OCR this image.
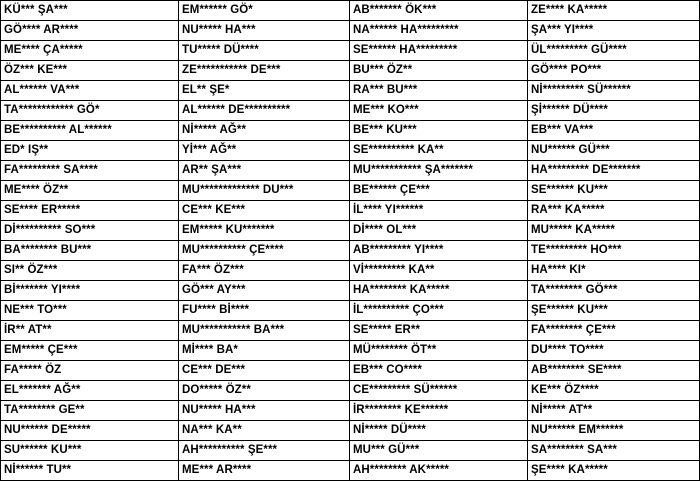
KÜ*** ŞA***	EM****** GÖ*	AB******* ÖK***	ZE**** KA*****
GÖ**** AR****	NU***** HA***	NA****** HA*********	ŞA*** YI****
ME**** ÇA*****	TU***** DÜ****	SE****** HA*********	ÜL********* GÜ****
ÖZ*** KE***	ZE*********** DE***	BU*** ÖZ**	GÖ**** PO***
AL****** VA***	EL** ŞE*	RA*** BU***	Nİ********* SÜ******
TA************ GÖ*	AL****** DE**********	ME*** KO***	Şİ****** DÜ****
BE********** AL******	Nİ***** AĞ**	BE*** KU***	EB*** VA***
ED* IŞ**	Yİ*** AĞ**	SE********** KA**	NU****** GÜ***
FA********* SA****	AR** ŞA***	MU*********** ŞA*******	HA********* DE*******
ME**** ÖZ**	MU************* DU***	BE****** ÇE***	SE****** KU***
SE**** ER*****	CE*** KE***	İL**** YI******	RA*** KA*****
Dİ********** SO***	EM***** KU*******	Dİ**** OL***	MU***** KA*****
BA******** BU***	MU********** ÇE****	AB********* YI****	TE********* HO***
SI** ÖZ***	FA*** ÖZ***	Vİ********* KA**	HA**** KI*
Bİ******* YI****	GÖ*** AY***	HA******** KA*****	TA******** GÖ***
NE*** TO***	FU**** Bİ****	İL********** ÇO***	ŞE****** KU***
İR** AT**	MU*********** BA***	SE***** ER**	FA******** ÇE***
EM***** ÇE***	Mİ**** BA*	MÜ******** ÖT**	DU**** TO****
FA***** ÖZ	CE*** DE***	EB*** CO****	AB******** SE****
EL******* AĞ**	DO***** ÖZ**	CE********* SÜ******	KE*** ÖZ****
TA******** GE**	NU***** HA***	İR******** KE******	Nİ***** AT**
NU****** DE*****	NA*** KA**	Nİ***** DÜ****	NU****** EM******
SU****** KU***	AH********** ŞE***	MU*** GÜ***	SA******** SA***
Nİ****** TU**	ME*** AR****	AH******** AK*****	ŞE**** KA*****
